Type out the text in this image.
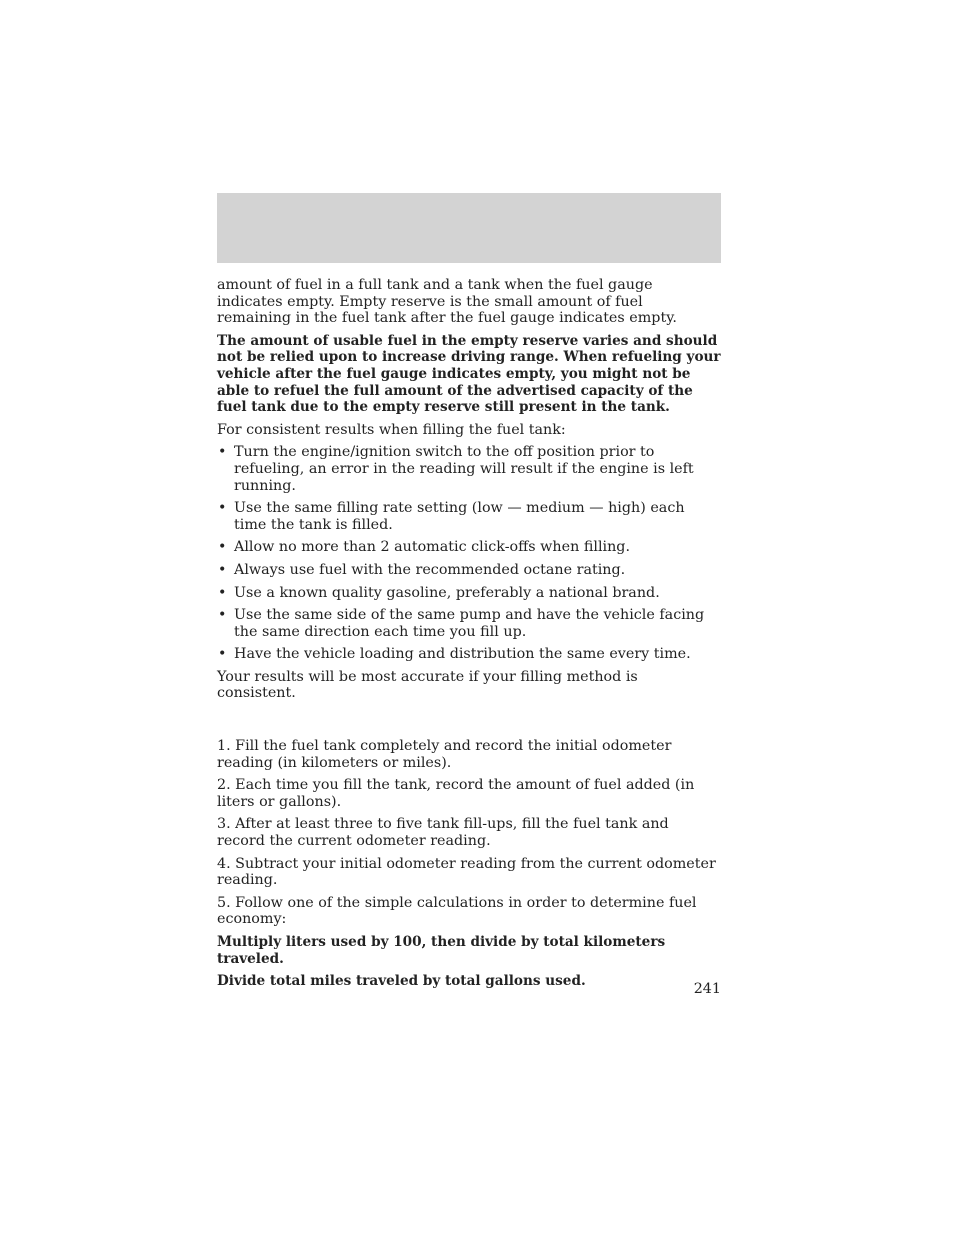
amount of fuel in a full tank and a tank when the fuel gauge indicates empty. Empty reserve is the small amount of fuel remaining in the fuel tank after the fuel gauge indicates empty.

The amount of usable fuel in the empty reserve varies and should not be relied upon to increase driving range. When refueling your vehicle after the fuel gauge indicates empty, you might not be able to refuel the full amount of the advertised capacity of the fuel tank due to the empty reserve still present in the tank.

For consistent results when filling the fuel tank:

• Turn the engine/ignition switch to the off position prior to refueling, an error in the reading will result if the engine is left running.
• Use the same filling rate setting (low — medium — high) each time the tank is filled.
• Allow no more than 2 automatic click-offs when filling.
• Always use fuel with the recommended octane rating.
• Use a known quality gasoline, preferably a national brand.
• Use the same side of the same pump and have the vehicle facing the same direction each time you fill up.
• Have the vehicle loading and distribution the same every time.

Your results will be most accurate if your filling method is consistent.

1. Fill the fuel tank completely and record the initial odometer reading (in kilometers or miles).

2. Each time you fill the tank, record the amount of fuel added (in liters or gallons).

3. After at least three to five tank fill-ups, fill the fuel tank and record the current odometer reading.

4. Subtract your initial odometer reading from the current odometer reading.

5. Follow one of the simple calculations in order to determine fuel economy:

Multiply liters used by 100, then divide by total kilometers traveled.

Divide total miles traveled by total gallons used.	241
